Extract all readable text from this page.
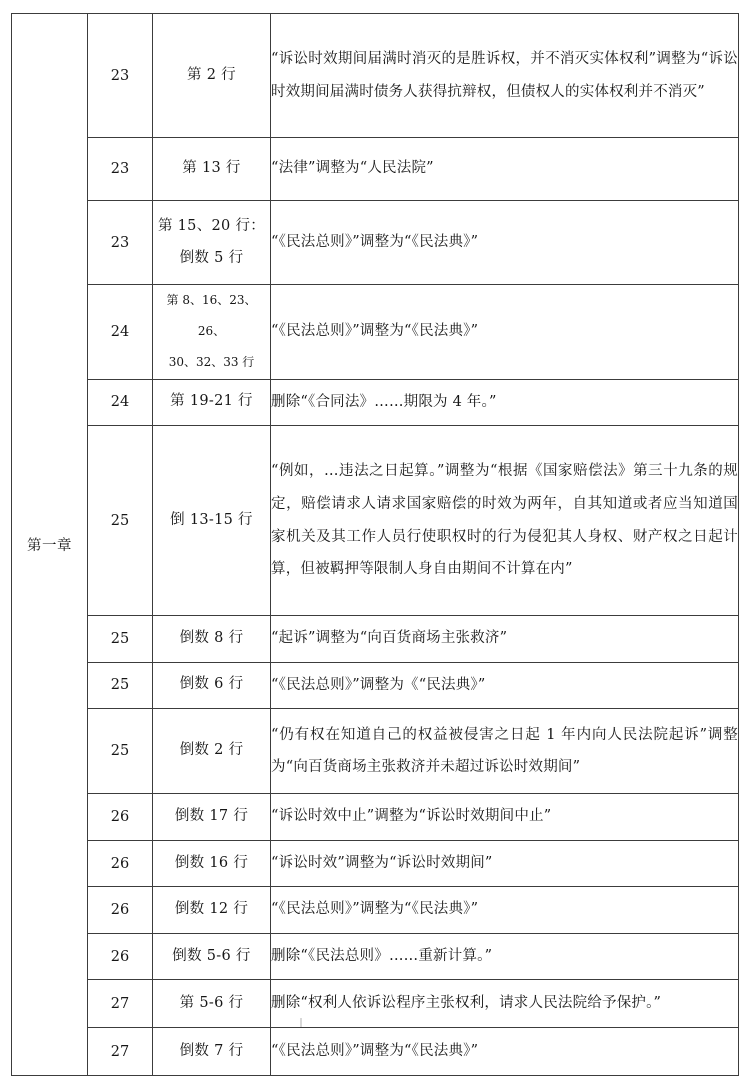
第一章	23	第 2 行	“诉讼时效期间届满时消灭的是胜诉权，并不消灭实体权利”调整为“诉讼时效期间届满时债务人获得抗辩权，但债权人的实体权利并不消灭”
	23	第 13 行	“法律”调整为“人民法院”
	23	第 15、20 行：
倒数 5 行	“《民法总则》”调整为“《民法典》”
	24	第 8、16、23、26、
30、32、33 行	“《民法总则》”调整为“《民法典》”
	24	第 19-21 行	删除“《合同法》……期限为 4 年。”
	25	倒 13-15 行	“例如，…违法之日起算。”调整为“根据《国家赔偿法》第三十九条的规定，赔偿请求人请求国家赔偿的时效为两年，自其知道或者应当知道国家机关及其工作人员行使职权时的行为侵犯其人身权、财产权之日起计算，但被羁押等限制人身自由期间不计算在内”
	25	倒数 8 行	“起诉”调整为“向百货商场主张救济”
	25	倒数 6 行	“《民法总则》”调整为《“民法典》”
	25	倒数 2 行	“仍有权在知道自己的权益被侵害之日起 1 年内向人民法院起诉”调整为“向百货商场主张救济并未超过诉讼时效期间”
	26	倒数 17 行	“诉讼时效中止”调整为“诉讼时效期间中止”
	26	倒数 16 行	“诉讼时效”调整为“诉讼时效期间”
	26	倒数 12 行	“《民法总则》”调整为“《民法典》”
	26	倒数 5-6 行	删除“《民法总则》……重新计算。”
	27	第 5-6 行	删除“权利人依诉讼程序主张权利，请求人民法院给予保护。”
	27	倒数 7 行	“《民法总则》”调整为“《民法典》”
